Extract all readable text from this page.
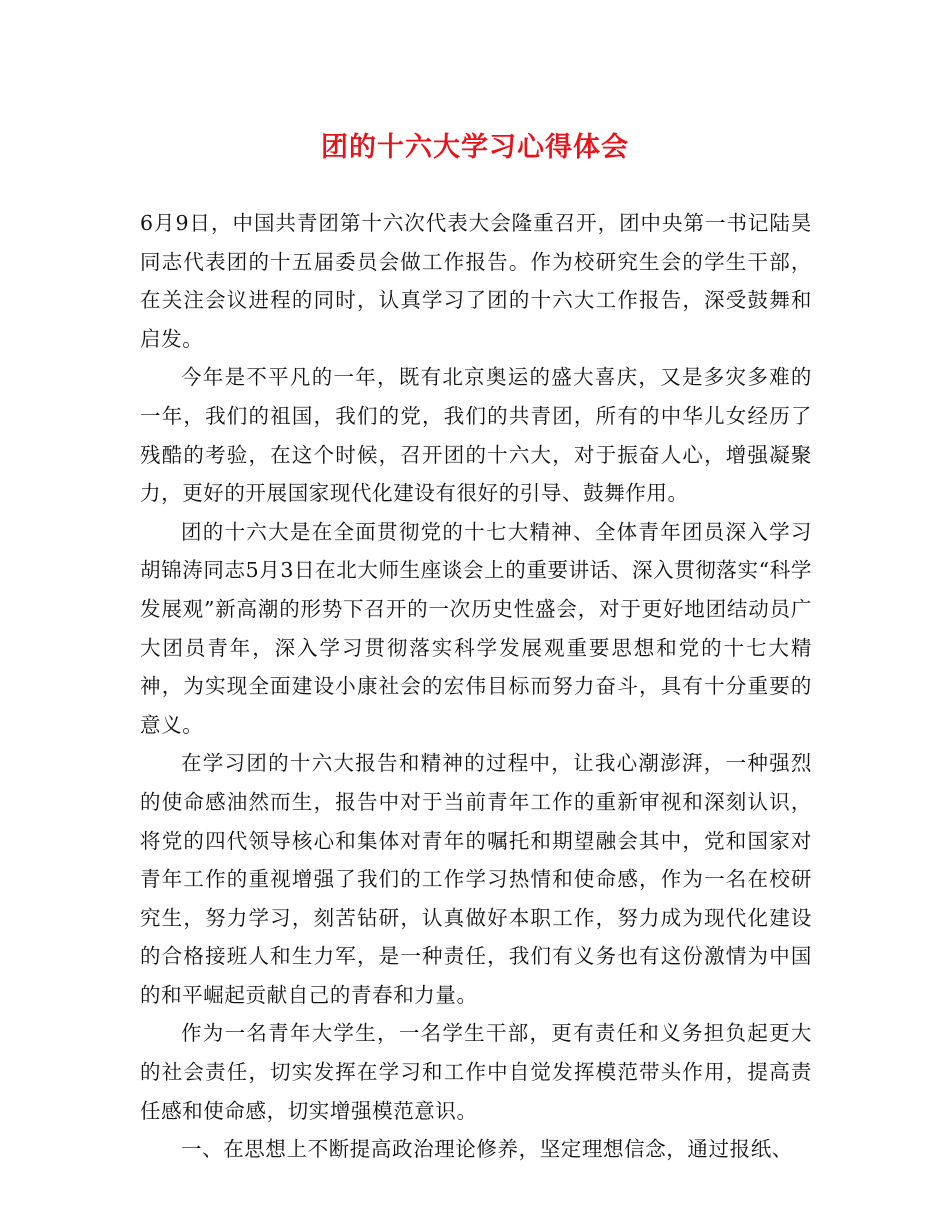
团的十六大学习心得体会

6月9日，中国共青团第十六次代表大会隆重召开，团中央第一书记陆昊同志代表团的十五届委员会做工作报告。作为校研究生会的学生干部，在关注会议进程的同时，认真学习了团的十六大工作报告，深受鼓舞和启发。

今年是不平凡的一年，既有北京奥运的盛大喜庆，又是多灾多难的一年，我们的祖国，我们的党，我们的共青团，所有的中华儿女经历了残酷的考验，在这个时候，召开团的十六大，对于振奋人心，增强凝聚力，更好的开展国家现代化建设有很好的引导、鼓舞作用。

团的十六大是在全面贯彻党的十七大精神、全体青年团员深入学习胡锦涛同志5月3日在北大师生座谈会上的重要讲话、深入贯彻落实“科学发展观”新高潮的形势下召开的一次历史性盛会，对于更好地团结动员广大团员青年，深入学习贯彻落实科学发展观重要思想和党的十七大精神，为实现全面建设小康社会的宏伟目标而努力奋斗，具有十分重要的意义。

在学习团的十六大报告和精神的过程中，让我心潮澎湃，一种强烈的使命感油然而生，报告中对于当前青年工作的重新审视和深刻认识，将党的四代领导核心和集体对青年的嘱托和期望融会其中，党和国家对青年工作的重视增强了我们的工作学习热情和使命感，作为一名在校研究生，努力学习，刻苦钻研，认真做好本职工作，努力成为现代化建设的合格接班人和生力军，是一种责任，我们有义务也有这份激情为中国的和平崛起贡献自己的青春和力量。

作为一名青年大学生，一名学生干部，更有责任和义务担负起更大的社会责任，切实发挥在学习和工作中自觉发挥模范带头作用，提高责任感和使命感，切实增强模范意识。

一、在思想上不断提高政治理论修养，坚定理想信念，通过报纸、
